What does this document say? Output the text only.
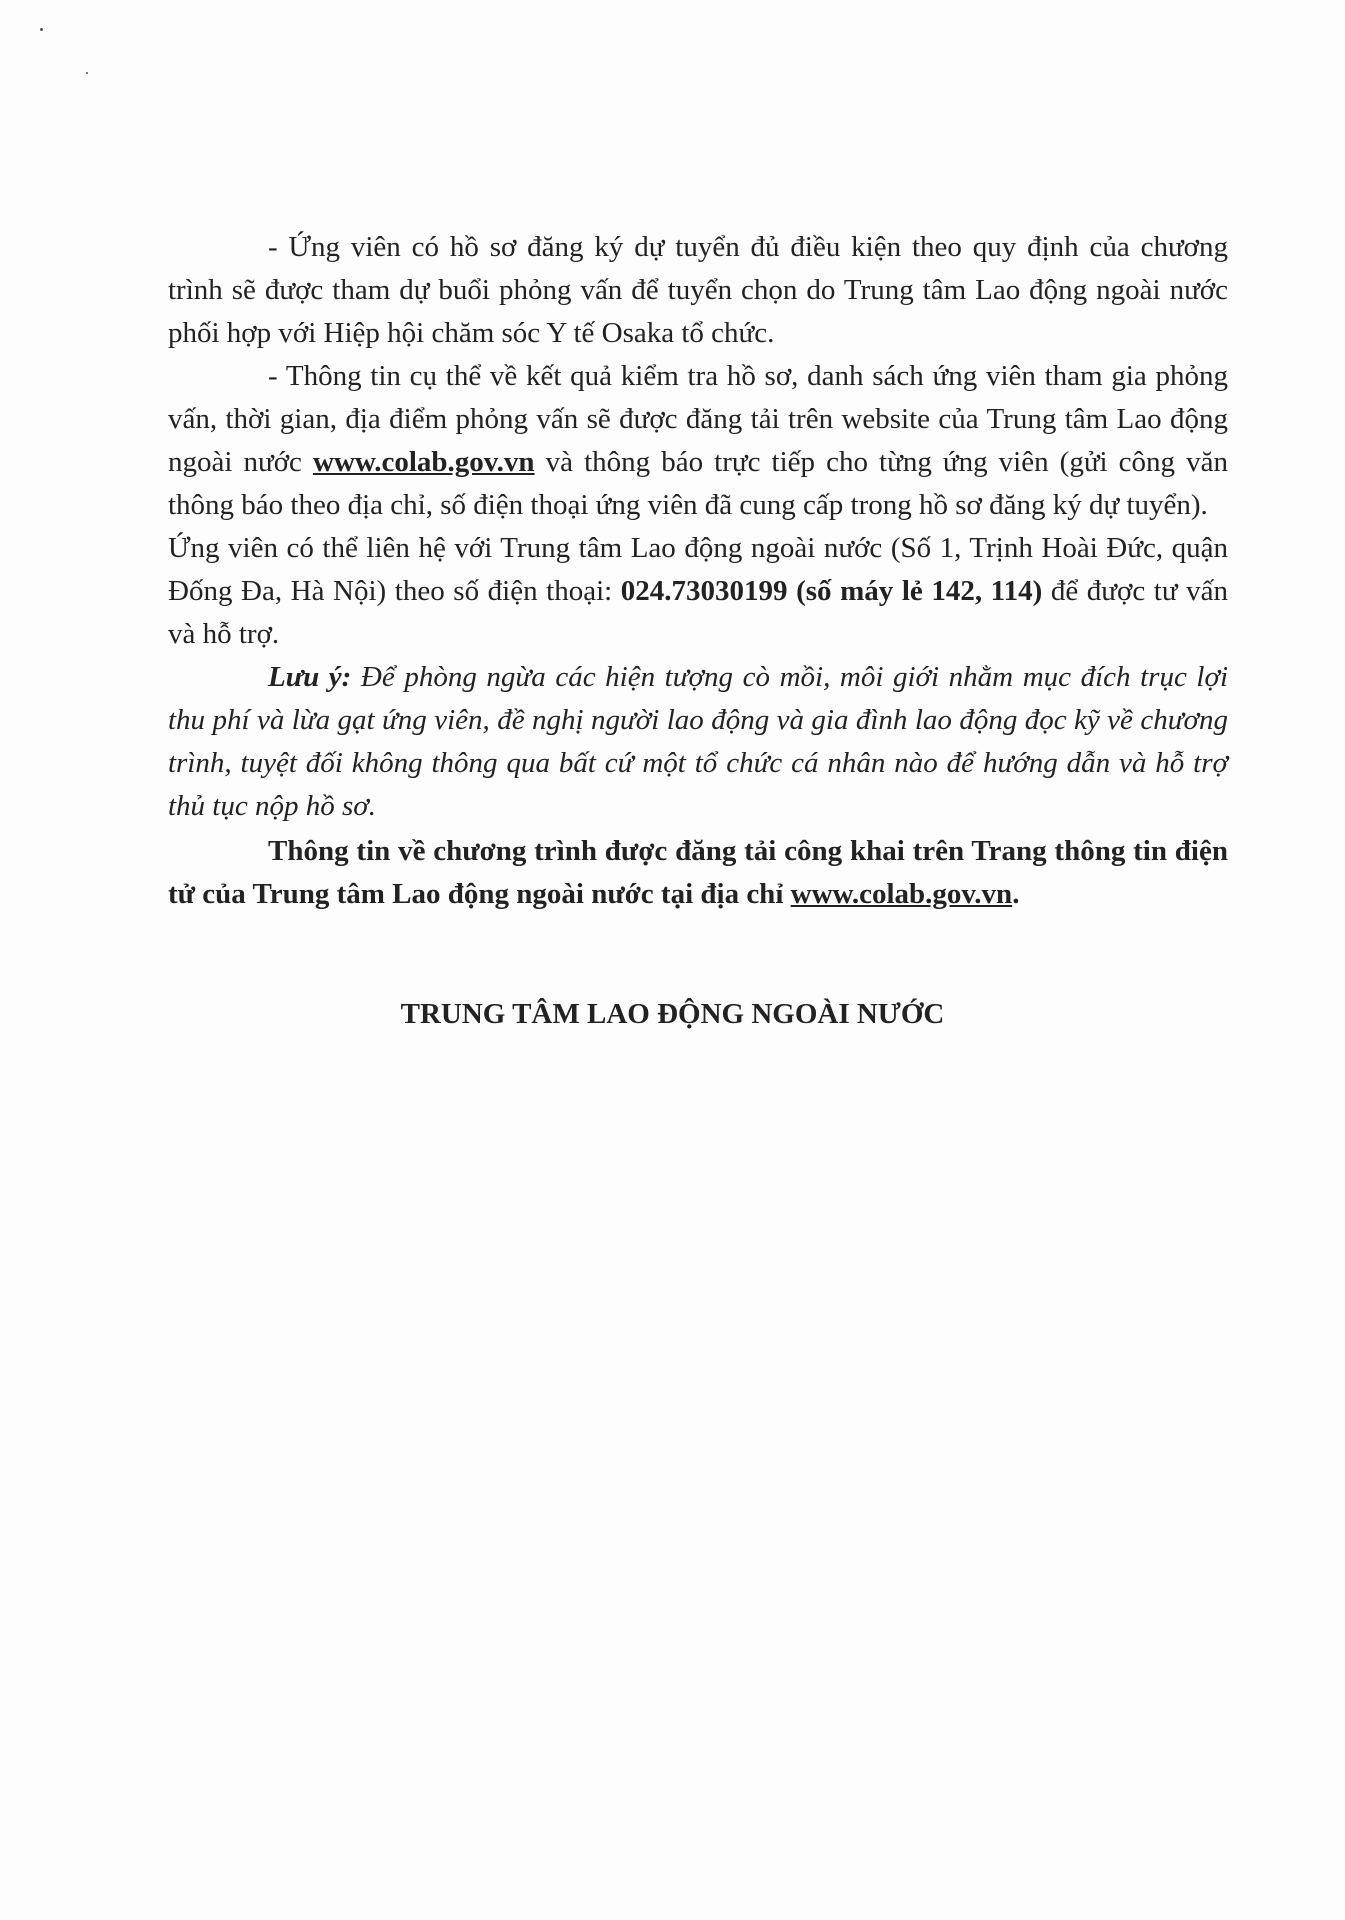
- Ứng viên có hồ sơ đăng ký dự tuyển đủ điều kiện theo quy định của chương trình sẽ được tham dự buổi phỏng vấn để tuyển chọn do Trung tâm Lao động ngoài nước phối hợp với Hiệp hội chăm sóc Y tế Osaka tổ chức.

- Thông tin cụ thể về kết quả kiểm tra hồ sơ, danh sách ứng viên tham gia phỏng vấn, thời gian, địa điểm phỏng vấn sẽ được đăng tải trên website của Trung tâm Lao động ngoài nước www.colab.gov.vn và thông báo trực tiếp cho từng ứng viên (gửi công văn thông báo theo địa chỉ, số điện thoại ứng viên đã cung cấp trong hồ sơ đăng ký dự tuyển).

Ứng viên có thể liên hệ với Trung tâm Lao động ngoài nước (Số 1, Trịnh Hoài Đức, quận Đống Đa, Hà Nội) theo số điện thoại: 024.73030199 (số máy lẻ 142, 114) để được tư vấn và hỗ trợ.

Lưu ý: Để phòng ngừa các hiện tượng cò mồi, môi giới nhằm mục đích trục lợi thu phí và lừa gạt ứng viên, đề nghị người lao động và gia đình lao động đọc kỹ về chương trình, tuyệt đối không thông qua bất cứ một tổ chức cá nhân nào để hướng dẫn và hỗ trợ thủ tục nộp hồ sơ.

Thông tin về chương trình được đăng tải công khai trên Trang thông tin điện tử của Trung tâm Lao động ngoài nước tại địa chỉ www.colab.gov.vn.

TRUNG TÂM LAO ĐỘNG NGOÀI NƯỚC
